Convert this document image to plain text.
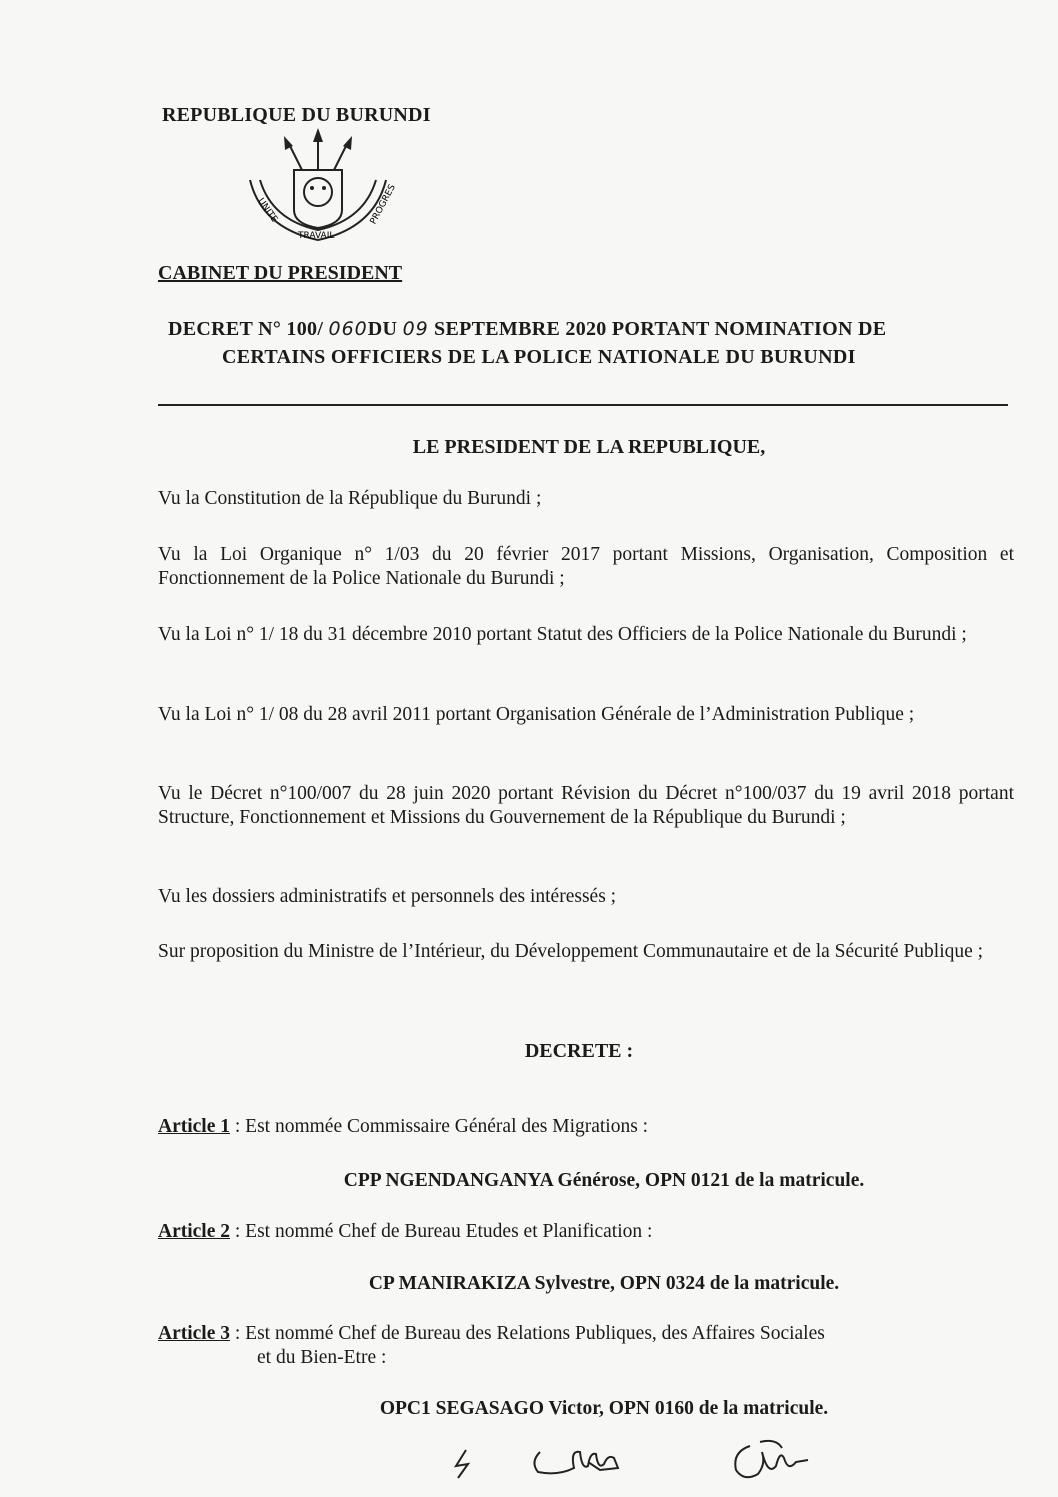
REPUBLIQUE DU BURUNDI
UNITE
TRAVAIL
PROGRES
CABINET DU PRESIDENT
DECRET N° 100/ 060DU 09 SEPTEMBRE 2020 PORTANT NOMINATION DE
CERTAINS OFFICIERS DE LA POLICE NATIONALE DU BURUNDI
LE PRESIDENT DE LA REPUBLIQUE,
Vu la Constitution de la République du Burundi ;
Vu la Loi Organique n° 1/03 du 20 février 2017 portant Missions, Organisation, Composition et Fonctionnement de la Police Nationale du Burundi ;
Vu la Loi n° 1/ 18 du 31 décembre 2010 portant Statut des Officiers de la Police Nationale du Burundi ;
Vu la Loi n° 1/ 08 du 28 avril 2011 portant Organisation Générale de l’Administration Publique ;
Vu le Décret n°100/007 du 28 juin 2020 portant Révision du Décret n°100/037 du 19 avril 2018 portant Structure, Fonctionnement et Missions du Gouvernement de la République du Burundi ;
Vu les dossiers administratifs et personnels des intéressés ;
Sur proposition du Ministre de l’Intérieur, du Développement Communautaire et de la Sécurité Publique ;
DECRETE :
Article 1 : Est nommée Commissaire Général des Migrations :
CPP NGENDANGANYA Générose, OPN 0121 de la matricule.
Article 2 : Est nommé Chef de Bureau Etudes et Planification :
CP MANIRAKIZA Sylvestre, OPN 0324 de la matricule.
Article 3 : Est nommé Chef de Bureau des Relations Publiques, des Affaires Sociales
et du Bien-Etre :
OPC1 SEGASAGO Victor, OPN 0160 de la matricule.
